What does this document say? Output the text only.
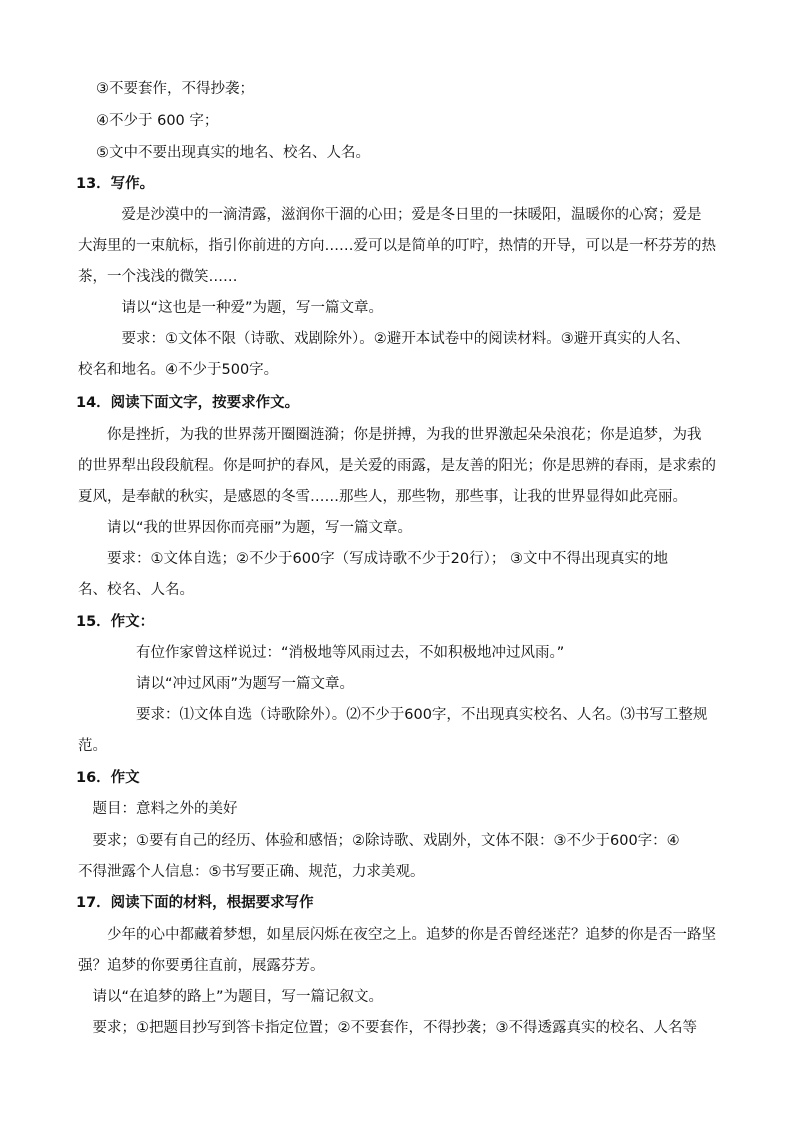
③不要套作，不得抄袭；
④不少于 600 字；
⑤文中不要出现真实的地名、校名、人名。
13．写作。
　　　爱是沙漠中的一滴清露，滋润你干涸的心田；爱是冬日里的一抹暖阳，温暖你的心窝；爱是
大海里的一束航标，指引你前进的方向……爱可以是简单的叮咛，热情的开导，可以是一杯芬芳的热
茶，一个浅浅的微笑……
　　　请以“这也是一种爱”为题，写一篇文章。
　　　要求：①文体不限（诗歌、戏剧除外）。②避开本试卷中的阅读材料。③避开真实的人名、
校名和地名。④不少于500字。
14．阅读下面文字，按要求作文。
　　你是挫折，为我的世界荡开圈圈涟漪；你是拼搏，为我的世界激起朵朵浪花；你是追梦，为我
的世界犁出段段航程。你是呵护的春风，是关爱的雨露，是友善的阳光；你是思辨的春雨，是求索的
夏风，是奉献的秋实，是感恩的冬雪……那些人，那些物，那些事，让我的世界显得如此亮丽。
　　请以“我的世界因你而亮丽”为题，写一篇文章。
　　要求：①文体自选；②不少于600字（写成诗歌不少于20行）； ③文中不得出现真实的地
名、校名、人名。
15．作文：
　　　　有位作家曾这样说过：“消极地等风雨过去，不如积极地冲过风雨。”
　　　　请以“冲过风雨”为题写一篇文章。
　　　　要求：⑴文体自选（诗歌除外）。⑵不少于600字，不出现真实校名、人名。⑶书写工整规
范。
16．作文
　题目：意料之外的美好
　要求；①要有自己的经历、体验和感悟；②除诗歌、戏剧外，文体不限：③不少于600字：④
不得泄露个人信息：⑤书写要正确、规范，力求美观。
17．阅读下面的材料，根据要求写作
　　少年的心中都藏着梦想，如星辰闪烁在夜空之上。追梦的你是否曾经迷茫？追梦的你是否一路坚
强？追梦的你要勇往直前，展露芬芳。
　请以“在追梦的路上”为题目，写一篇记叙文。
　要求；①把题目抄写到答卡指定位置；②不要套作，不得抄袭；③不得透露真实的校名、人名等
